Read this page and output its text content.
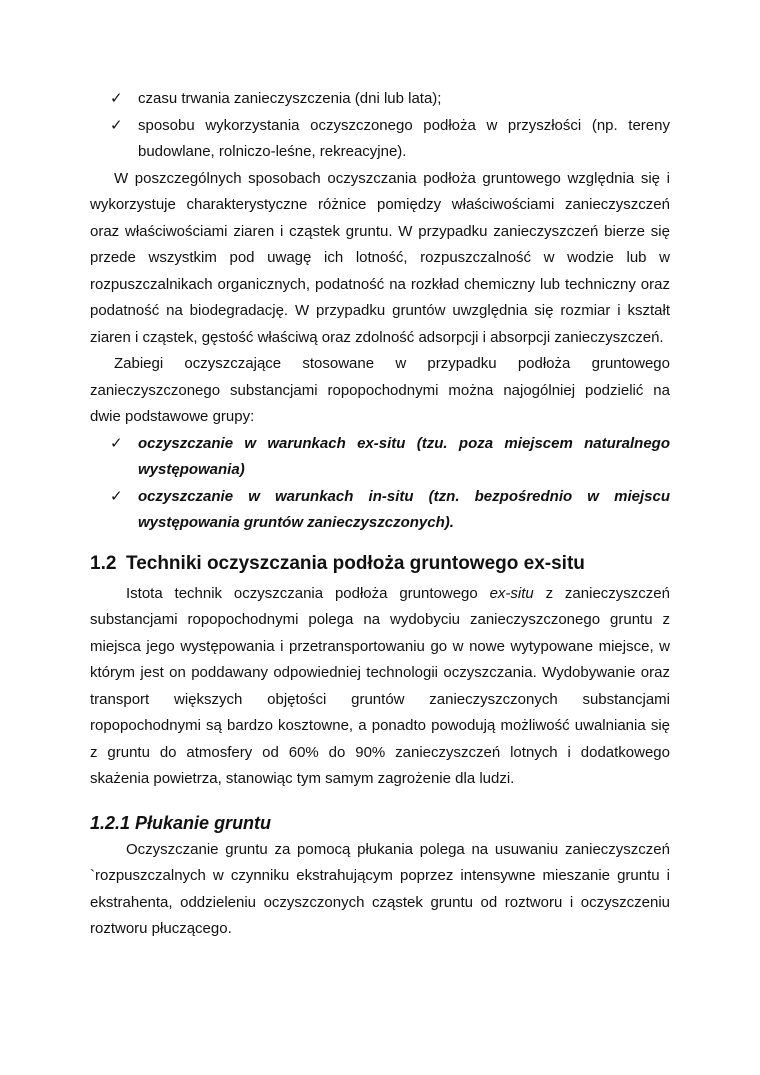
✓ czasu trwania zanieczyszczenia (dni lub lata);
✓ sposobu wykorzystania oczyszczonego podłoża w przyszłości (np. tereny budowlane, rolniczo-leśne, rekreacyjne).

W poszczególnych sposobach oczyszczania podłoża gruntowego względnia się i wykorzystuje charakterystyczne różnice pomiędzy właściwościami zanieczyszczeń oraz właściwościami ziaren i cząstek gruntu. W przypadku zanieczyszczeń bierze się przede wszystkim pod uwagę ich lotność, rozpuszczalność w wodzie lub w rozpuszczalnikach organicznych, podatność na rozkład chemiczny lub techniczny oraz podatność na biodegradację. W przypadku gruntów uwzględnia się rozmiar i kształt ziaren i cząstek, gęstość właściwą oraz zdolność adsorpcji i absorpcji zanieczyszczeń.

Zabiegi oczyszczające stosowane w przypadku podłoża gruntowego zanieczyszczonego substancjami ropopochodnymi można najogólniej podzielić na dwie podstawowe grupy:

✓ oczyszczanie w warunkach ex-situ (tzu. poza miejscem naturalnego występowania)
✓ oczyszczanie w warunkach in-situ (tzn. bezpośrednio w miejscu występowania gruntów zanieczyszczonych).
1.2 Techniki oczyszczania podłoża gruntowego ex-situ

Istota technik oczyszczania podłoża gruntowego ex-situ z zanieczyszczeń substancjami ropopochodnymi polega na wydobyciu zanieczyszczonego gruntu z miejsca jego występowania i przetransportowaniu go w nowe wytypowane miejsce, w którym jest on poddawany odpowiedniej technologii oczyszczania. Wydobywanie oraz transport większych objętości gruntów zanieczyszczonych substancjami ropopochodnymi są bardzo kosztowne, a ponadto powodują możliwość uwalniania się z gruntu do atmosfery od 60% do 90% zanieczyszczeń lotnych i dodatkowego skażenia powietrza, stanowiąc tym samym zagrożenie dla ludzi.

1.2.1 Płukanie gruntu

Oczyszczanie gruntu za pomocą płukania polega na usuwaniu zanieczyszczeń `rozpuszczalnych w czynniku ekstrahującym poprzez intensywne mieszanie gruntu i ekstrahenta, oddzieleniu oczyszczonych cząstek gruntu od roztworu i oczyszczeniu roztworu płuczącego.
